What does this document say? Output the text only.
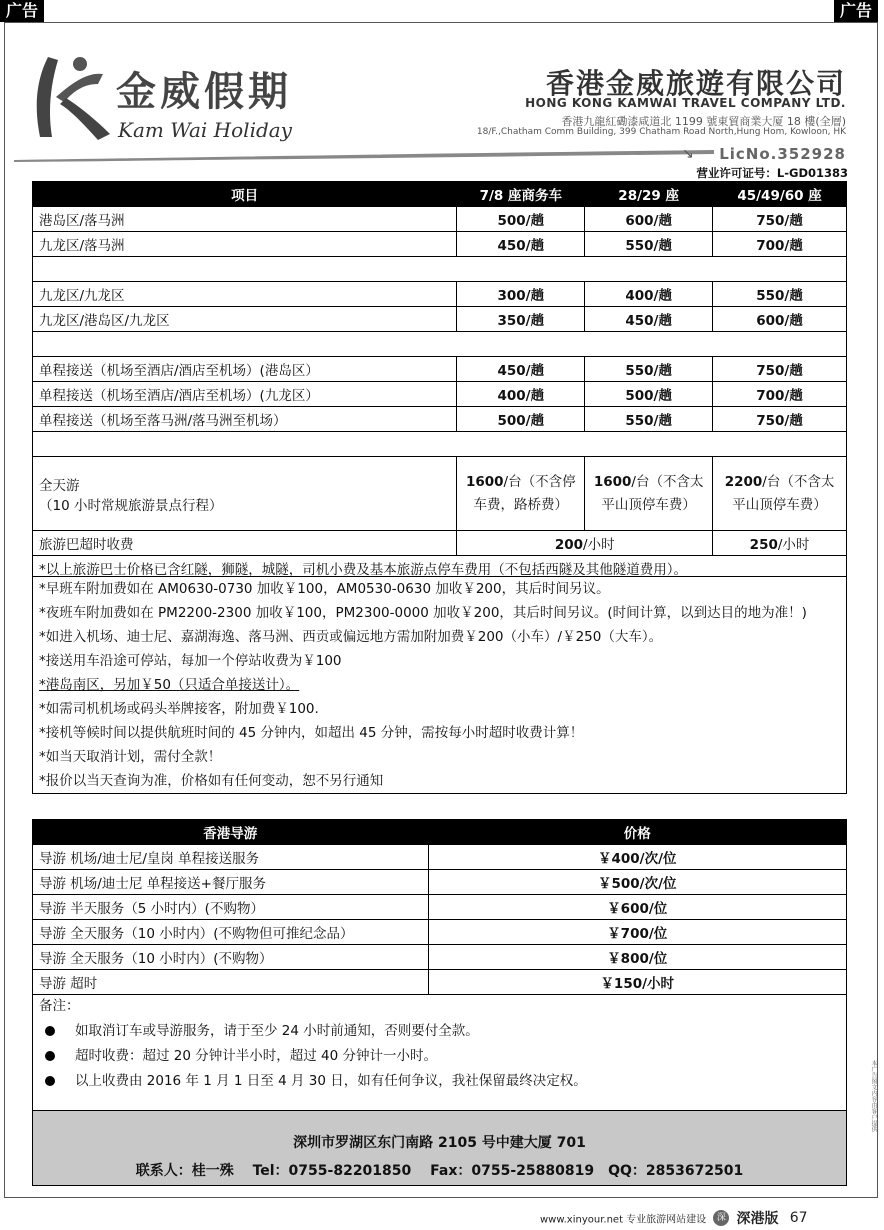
广告	广告
金威假期
Kam Wai Holiday
香港金威旅遊有限公司
HONG KONG KAMWAI TRAVEL COMPANY LTD.
香港九龍紅磡漆咸道北 1199 號東貿商業大厦 18 樓(全層)
18/F.,Chatham Comm Building, 399 Chatham Road North,Hung Hom, Kowloon, HK
↘ LicNo.352928
营业许可证号：L-GD01383
项目	7/8 座商务车	28/29 座	45/49/60 座
港岛区/落马洲	500/趟	600/趟	750/趟
九龙区/落马洲	450/趟	550/趟	700/趟

九龙区/九龙区	300/趟	400/趟	550/趟
九龙区/港岛区/九龙区	350/趟	450/趟	600/趟

单程接送（机场至酒店/酒店至机场）(港岛区）	450/趟	550/趟	750/趟
单程接送（机场至酒店/酒店至机场）(九龙区）	400/趟	500/趟	700/趟
单程接送（机场至落马洲/落马洲至机场）	500/趟	550/趟	750/趟

全天游
（10 小时常规旅游景点行程）	1600/台（不含停车费，路桥费）	1600/台（不含太平山顶停车费）	2200/台（不含太平山顶停车费）
旅游巴超时收费	200/小时		250/小时
*以上旅游巴士价格已含红隧，狮隧，城隧，司机小费及基本旅游点停车费用（不包括西隧及其他隧道费用）。
*早班车附加费如在 AM0630-0730 加收￥100，AM0530-0630 加收￥200，其后时间另议。
*夜班车附加费如在 PM2200-2300 加收￥100，PM2300-0000 加收￥200，其后时间另议。(时间计算，以到达目的地为准！)
*如进入机场、迪士尼、嘉湖海逸、落马洲、西贡或偏远地方需加附加费￥200（小车）/￥250（大车）。
*接送用车沿途可停站，每加一个停站收费为￥100
*港岛南区，另加￥50（只适合单接送计）。
*如需司机机场或码头举牌接客，附加费￥100.
*接机等候时间以提供航班时间的 45 分钟内，如超出 45 分钟，需按每小时超时收费计算！
*如当天取消计划，需付全款！
*报价以当天查询为准，价格如有任何变动，恕不另行通知
香港导游	价格
导游 机场/迪士尼/皇岗 单程接送服务	￥400/次/位
导游 机场/迪士尼 单程接送+餐厅服务	￥500/次/位
导游 半天服务（5 小时内）(不购物）	￥600/位
导游 全天服务（10 小时内）(不购物但可推纪念品）	￥700/位
导游 全天服务（10 小时内）(不购物）	￥800/位
导游 超时	￥150/小时
备注：
如取消订车或导游服务，请于至少 24 小时前通知，否则要付全款。
超时收费：超过 20 分钟计半小时，超过 40 分钟计一小时。
以上收费由 2016 年 1 月 1 日至 4 月 30 日，如有任何争议，我社保留最终决定权。
深圳市罗湖区东门南路 2105 号中建大厦 701
联系人：桂一殊　 Tel：0755-82201850　 Fax：0755-25880819　QQ：2853672501
本广告图文内容由客户提供
www.xinyour.net 专业旅游网站建设 深 深港版 67
